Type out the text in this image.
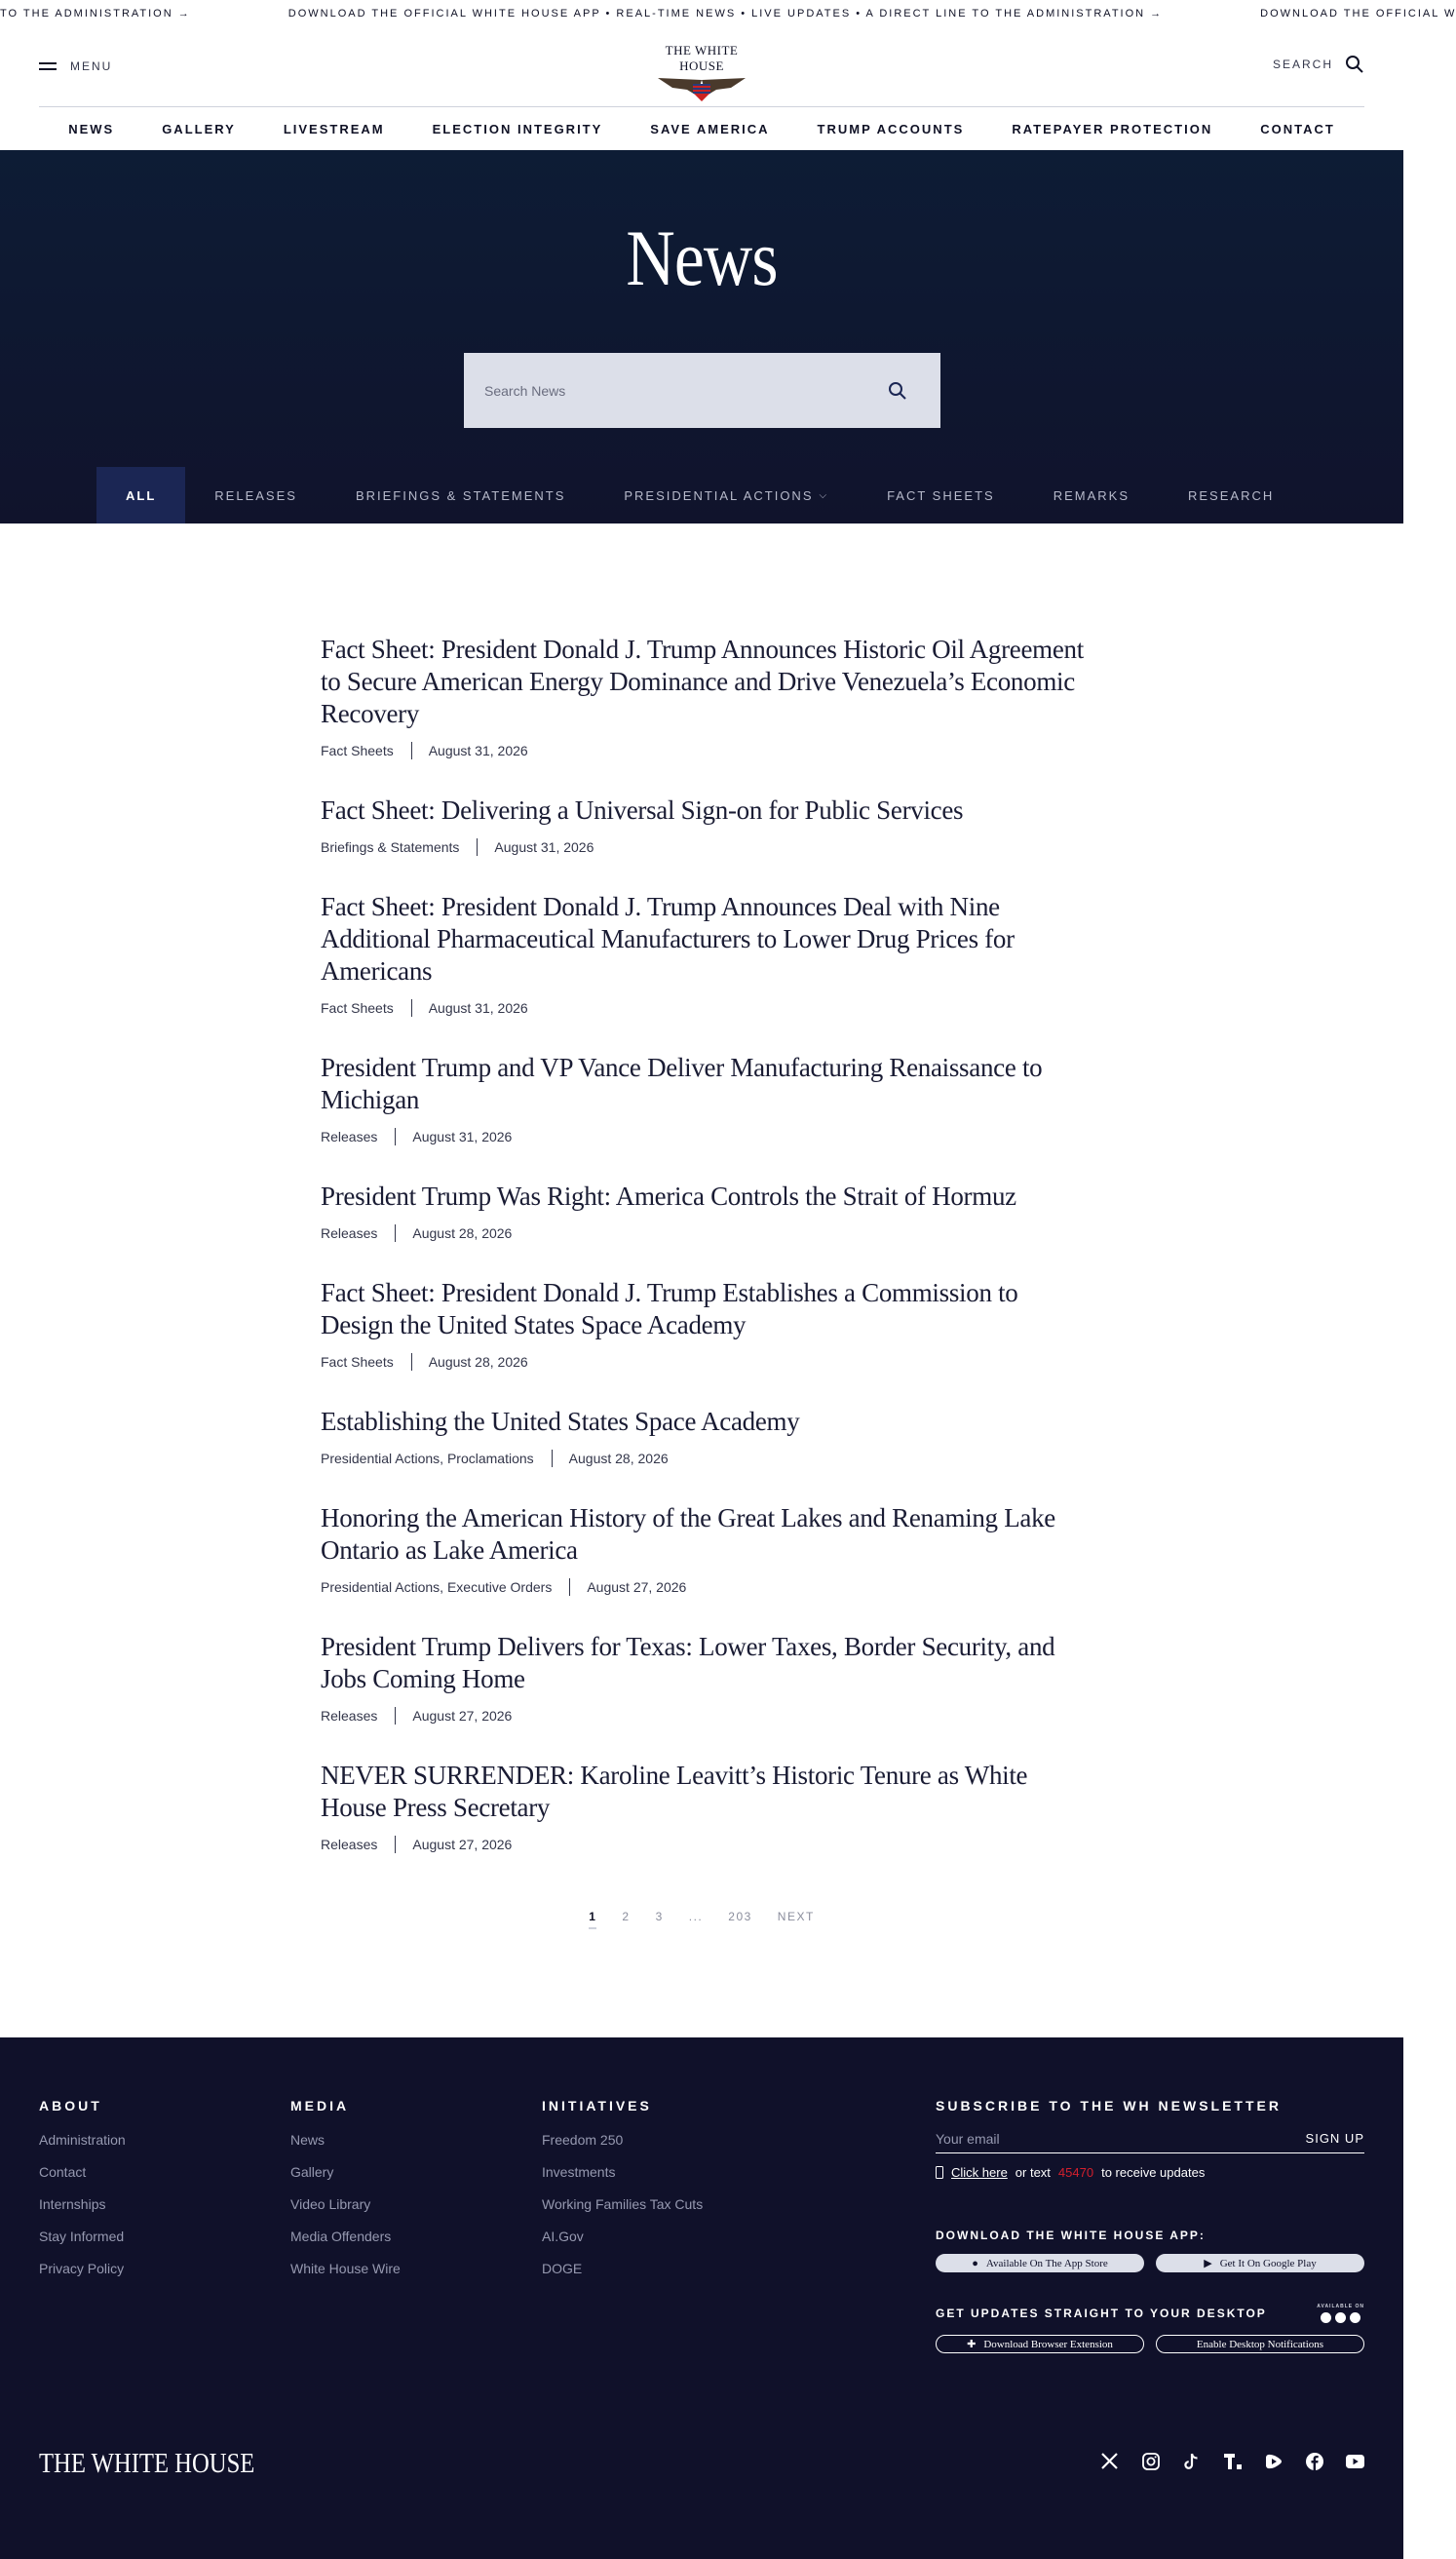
TO THE ADMINISTRATION →	DOWNLOAD THE OFFICIAL WHITE HOUSE APP • REAL-TIME NEWS • LIVE UPDATES • A DIRECT LINE TO THE ADMINISTRATION →	DOWNLOAD THE OFFICIAL W
MENU
THE WHITE HOUSE	SEARCH
NEWS	GALLERY	LIVESTREAM	ELECTION INTEGRITY	SAVE AMERICA	TRUMP ACCOUNTS	RATEPAYER PROTECTION	CONTACT
News
Search News
ALL	RELEASES	BRIEFINGS & STATEMENTS	PRESIDENTIAL ACTIONS ⌵	FACT SHEETS	REMARKS	RESEARCH
Fact Sheet: President Donald J. Trump Announces Historic Oil Agreement to Secure American Energy Dominance and Drive Venezuela’s Economic Recovery
Fact Sheets	August 31, 2026
Fact Sheet: Delivering a Universal Sign-on for Public Services
Briefings & Statements	August 31, 2026
Fact Sheet: President Donald J. Trump Announces Deal with Nine Additional Pharmaceutical Manufacturers to Lower Drug Prices for Americans
Fact Sheets	August 31, 2026
President Trump and VP Vance Deliver Manufacturing Renaissance to Michigan
Releases	August 31, 2026
President Trump Was Right: America Controls the Strait of Hormuz
Releases	August 28, 2026
Fact Sheet: President Donald J. Trump Establishes a Commission to Design the United States Space Academy
Fact Sheets	August 28, 2026
Establishing the United States Space Academy
Presidential Actions, Proclamations	August 28, 2026
Honoring the American History of the Great Lakes and Renaming Lake Ontario as Lake America
Presidential Actions, Executive Orders	August 27, 2026
President Trump Delivers for Texas: Lower Taxes, Border Security, and Jobs Coming Home
Releases	August 27, 2026
NEVER SURRENDER: Karoline Leavitt’s Historic Tenure as White House Press Secretary
Releases	August 27, 2026
1 2 3 ... 203 NEXT
ABOUT
Administration
Contact
Internships
Stay Informed
Privacy Policy
MEDIA
News
Gallery
Video Library
Media Offenders
White House Wire
INITIATIVES
Freedom 250
Investments
Working Families Tax Cuts
AI.Gov
DOGE
SUBSCRIBE TO THE WH NEWSLETTER
Your email
SIGN UP
Click here or text 45470 to receive updates
DOWNLOAD THE WHITE HOUSE APP:
● Available On The App Store	▶ Get It On Google Play
GET UPDATES STRAIGHT TO YOUR DESKTOP	AVAILABLE ON
✚ Download Browser Extension	Enable Desktop Notifications
THE WHITE HOUSE
